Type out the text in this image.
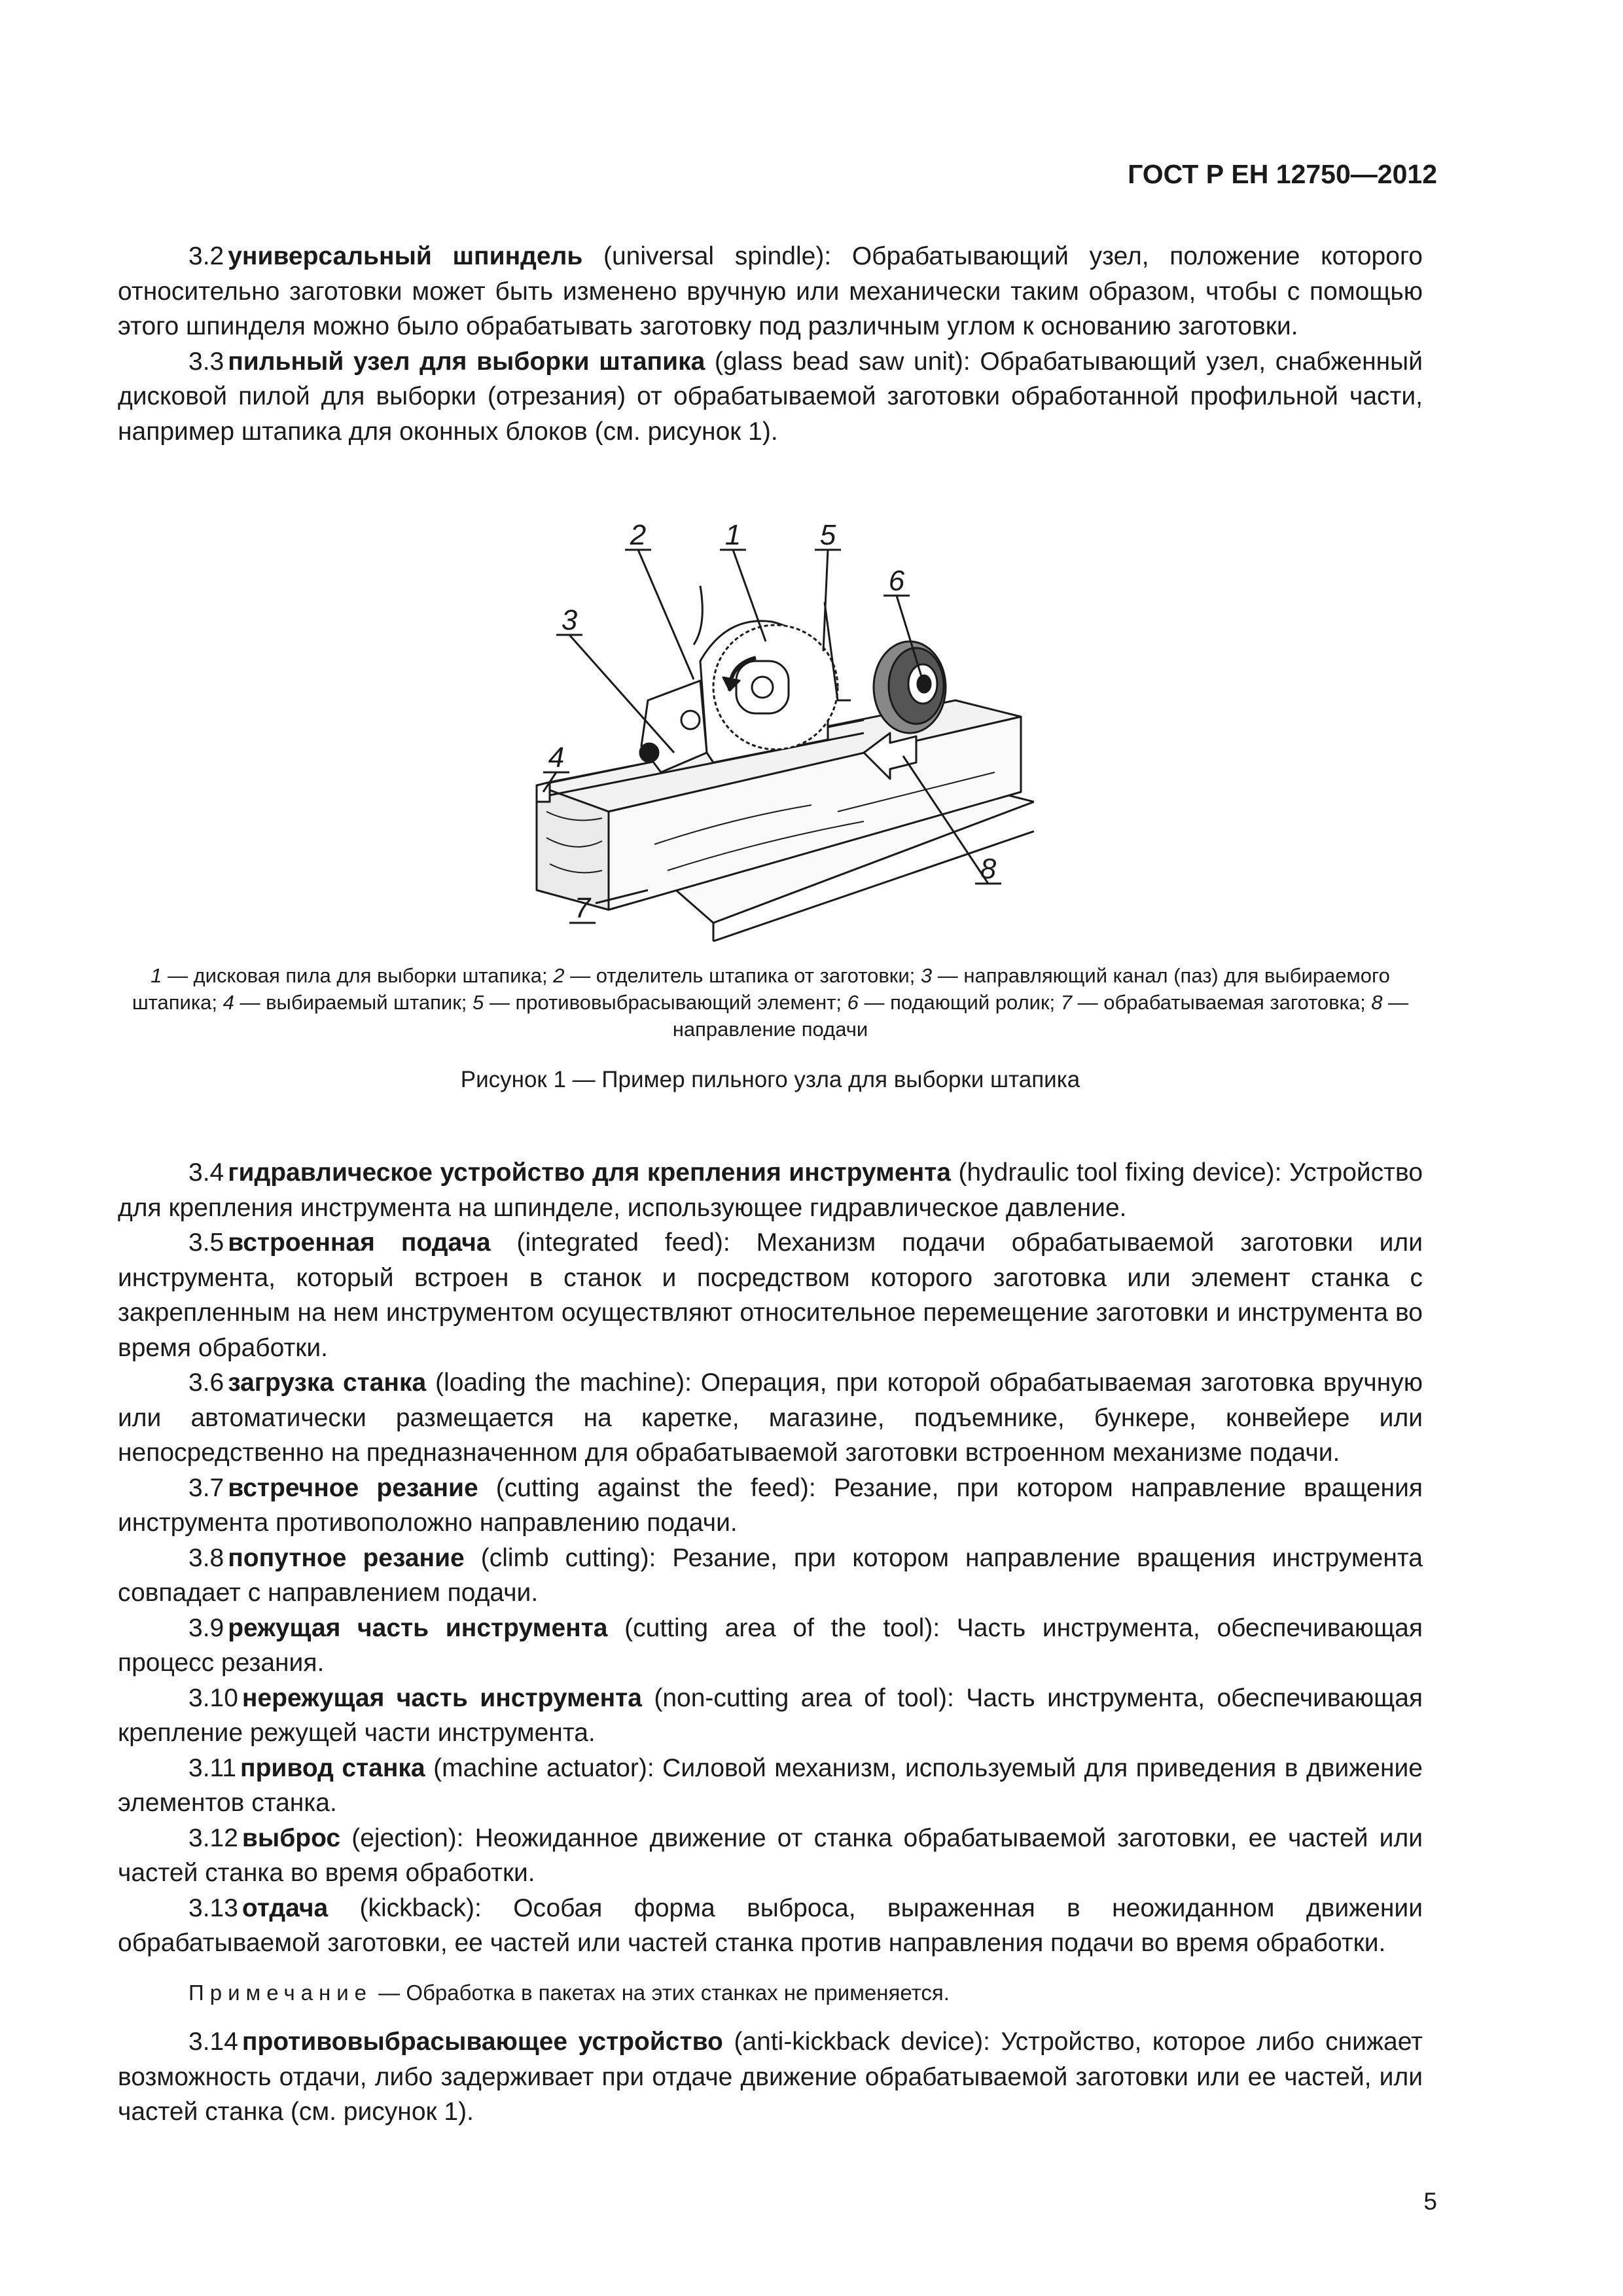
ГОСТ Р ЕН 12750—2012

3.2 универсальный шпиндель (universal spindle): Обрабатывающий узел, положение которого относительно заготовки может быть изменено вручную или механически таким образом, чтобы с помощью этого шпинделя можно было обрабатывать заготовку под различным углом к основанию заготовки.

3.3 пильный узел для выборки штапика (glass bead saw unit): Обрабатывающий узел, снабженный дисковой пилой для выборки (отрезания) от обрабатываемой заготовки обработанной профильной части, например штапика для оконных блоков (см. рисунок 1).

1
2
3
4
5
6
7
8
1 — дисковая пила для выборки штапика; 2 — отделитель штапика от заготовки; 3 — направляющий канал (паз) для выбираемого штапика; 4 — выбираемый штапик; 5 — противовыбрасывающий элемент; 6 — подающий ролик; 7 — обрабатываемая заготовка; 8 — направление подачи
Рисунок 1 — Пример пильного узла для выборки штапика

3.4 гидравлическое устройство для крепления инструмента (hydraulic tool fixing device): Устройство для крепления инструмента на шпинделе, использующее гидравлическое давление.

3.5 встроенная подача (integrated feed): Механизм подачи обрабатываемой заготовки или инструмента, который встроен в станок и посредством которого заготовка или элемент станка с закрепленным на нем инструментом осуществляют относительное перемещение заготовки и инструмента во время обработки.

3.6 загрузка станка (loading the machine): Операция, при которой обрабатываемая заготовка вручную или автоматически размещается на каретке, магазине, подъемнике, бункере, конвейере или непосредственно на предназначенном для обрабатываемой заготовки встроенном механизме подачи.

3.7 встречное резание (cutting against the feed): Резание, при котором направление вращения инструмента противоположно направлению подачи.

3.8 попутное резание (climb cutting): Резание, при котором направление вращения инструмента совпадает с направлением подачи.

3.9 режущая часть инструмента (cutting area of the tool): Часть инструмента, обеспечивающая процесс резания.

3.10 нережущая часть инструмента (non-cutting area of tool): Часть инструмента, обеспечивающая крепление режущей части инструмента.

3.11 привод станка (machine actuator): Силовой механизм, используемый для приведения в движение элементов станка.

3.12 выброс (ejection): Неожиданное движение от станка обрабатываемой заготовки, ее частей или частей станка во время обработки.

3.13 отдача (kickback): Особая форма выброса, выраженная в неожиданном движении обрабатываемой заготовки, ее частей или частей станка против направления подачи во время обработки.

Примечание — Обработка в пакетах на этих станках не применяется.

3.14 противовыбрасывающее устройство (anti-kickback device): Устройство, которое либо снижает возможность отдачи, либо задерживает при отдаче движение обрабатываемой заготовки или ее частей, или частей станка (см. рисунок 1).

5
